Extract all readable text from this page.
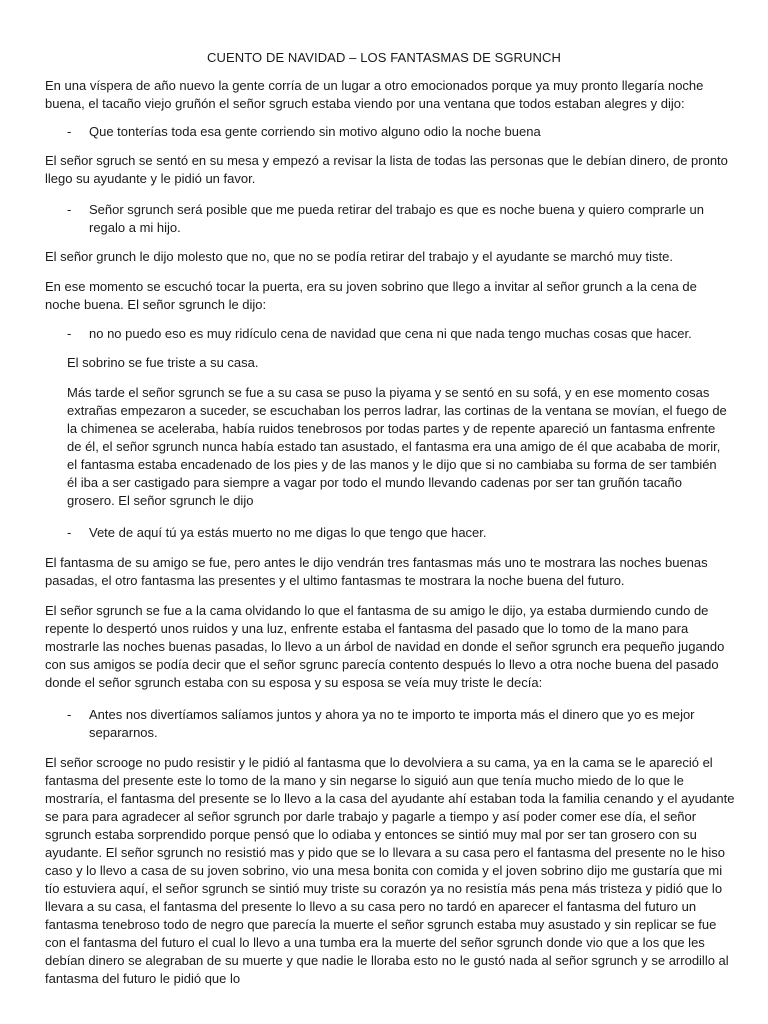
CUENTO DE NAVIDAD – LOS FANTASMAS DE SGRUNCH

En una víspera de año nuevo la gente corría de un lugar a otro emocionados porque ya muy pronto llegaría noche buena, el tacaño viejo gruñón el señor sgruch estaba viendo por una ventana que todos estaban alegres y dijo:

-	Que tonterías toda esa gente corriendo sin motivo alguno odio la noche buena

El señor sgruch se sentó en su mesa y empezó a revisar la lista de todas las personas que le debían dinero, de pronto llego su ayudante y le pidió un favor.

-	Señor sgrunch será posible que me pueda retirar del trabajo es que es noche buena y quiero comprarle un regalo a mi hijo.

El señor grunch le dijo molesto que no, que no se podía retirar del trabajo y el ayudante se marchó muy tiste.

En ese momento se escuchó tocar la puerta, era su joven sobrino que llego a invitar al señor grunch a la cena de noche buena. El señor sgrunch le dijo:

-	no no puedo eso es muy ridículo cena de navidad que cena ni que nada tengo muchas cosas que hacer.

El sobrino se fue triste a su casa.

Más tarde el señor sgrunch se fue a su casa se puso la piyama y se sentó en su sofá, y en ese momento cosas extrañas empezaron a suceder, se escuchaban los perros ladrar, las cortinas de la ventana se movían, el fuego de la chimenea se aceleraba, había ruidos tenebrosos por todas partes y de repente apareció un fantasma enfrente de él, el señor sgrunch nunca había estado tan asustado, el fantasma era una amigo de él que acababa de morir, el fantasma estaba encadenado de los pies y de las manos y le dijo que si no cambiaba su forma de ser también él iba a ser castigado para siempre a vagar por todo el mundo llevando cadenas por ser tan gruñón tacaño grosero. El señor sgrunch le dijo

-	Vete de aquí tú ya estás muerto no me digas lo que tengo que hacer.

El fantasma de su amigo se fue, pero antes le dijo vendrán tres fantasmas más uno te mostrara las noches buenas pasadas, el otro fantasma las presentes y el ultimo fantasmas te mostrara la noche buena del futuro.

El señor sgrunch se fue a la cama olvidando lo que el fantasma de su amigo le dijo, ya estaba durmiendo cundo de repente lo despertó unos ruidos y una luz, enfrente estaba el fantasma del pasado que lo tomo de la mano para mostrarle las noches buenas pasadas, lo llevo a un árbol de navidad en donde el señor sgrunch era pequeño jugando con sus amigos se podía decir que el señor sgrunc parecía contento después lo llevo a otra noche buena del pasado donde el señor sgrunch estaba con su esposa y su esposa se veía muy triste le decía:

-	Antes nos divertíamos salíamos juntos y ahora ya no te importo te importa más el dinero que yo es mejor separarnos.

El señor scrooge no pudo resistir y le pidió al fantasma que lo devolviera a su cama, ya en la cama se le apareció el fantasma del presente este lo tomo de la mano y sin negarse lo siguió aun que tenía mucho miedo de lo que le mostraría, el fantasma del presente se lo llevo a la casa del ayudante ahí estaban toda la familia cenando y el ayudante se para para agradecer al señor sgrunch por darle trabajo y pagarle a tiempo y así poder comer ese día, el señor sgrunch estaba sorprendido porque pensó que lo odiaba y entonces se sintió muy mal por ser tan grosero con su ayudante. El señor sgrunch no resistió mas y pido que se lo llevara a su casa pero el fantasma del presente no le hiso caso y lo llevo a casa de su joven sobrino, vio una mesa bonita con comida y el joven sobrino dijo me gustaría que mi tío estuviera aquí, el señor sgrunch se sintió muy triste su corazón ya no resistía más pena más tristeza y pidió que lo llevara a su casa, el fantasma del presente lo llevo a su casa pero no tardó en aparecer el fantasma del futuro un fantasma tenebroso todo de negro que parecía la muerte el señor sgrunch estaba muy asustado y sin replicar se fue con el fantasma del futuro el cual lo llevo a una tumba era la muerte del señor sgrunch donde vio que a los que les debían dinero se alegraban de su muerte y que nadie le lloraba esto no le gustó nada al señor sgrunch y se arrodillo al fantasma del futuro le pidió que lo
